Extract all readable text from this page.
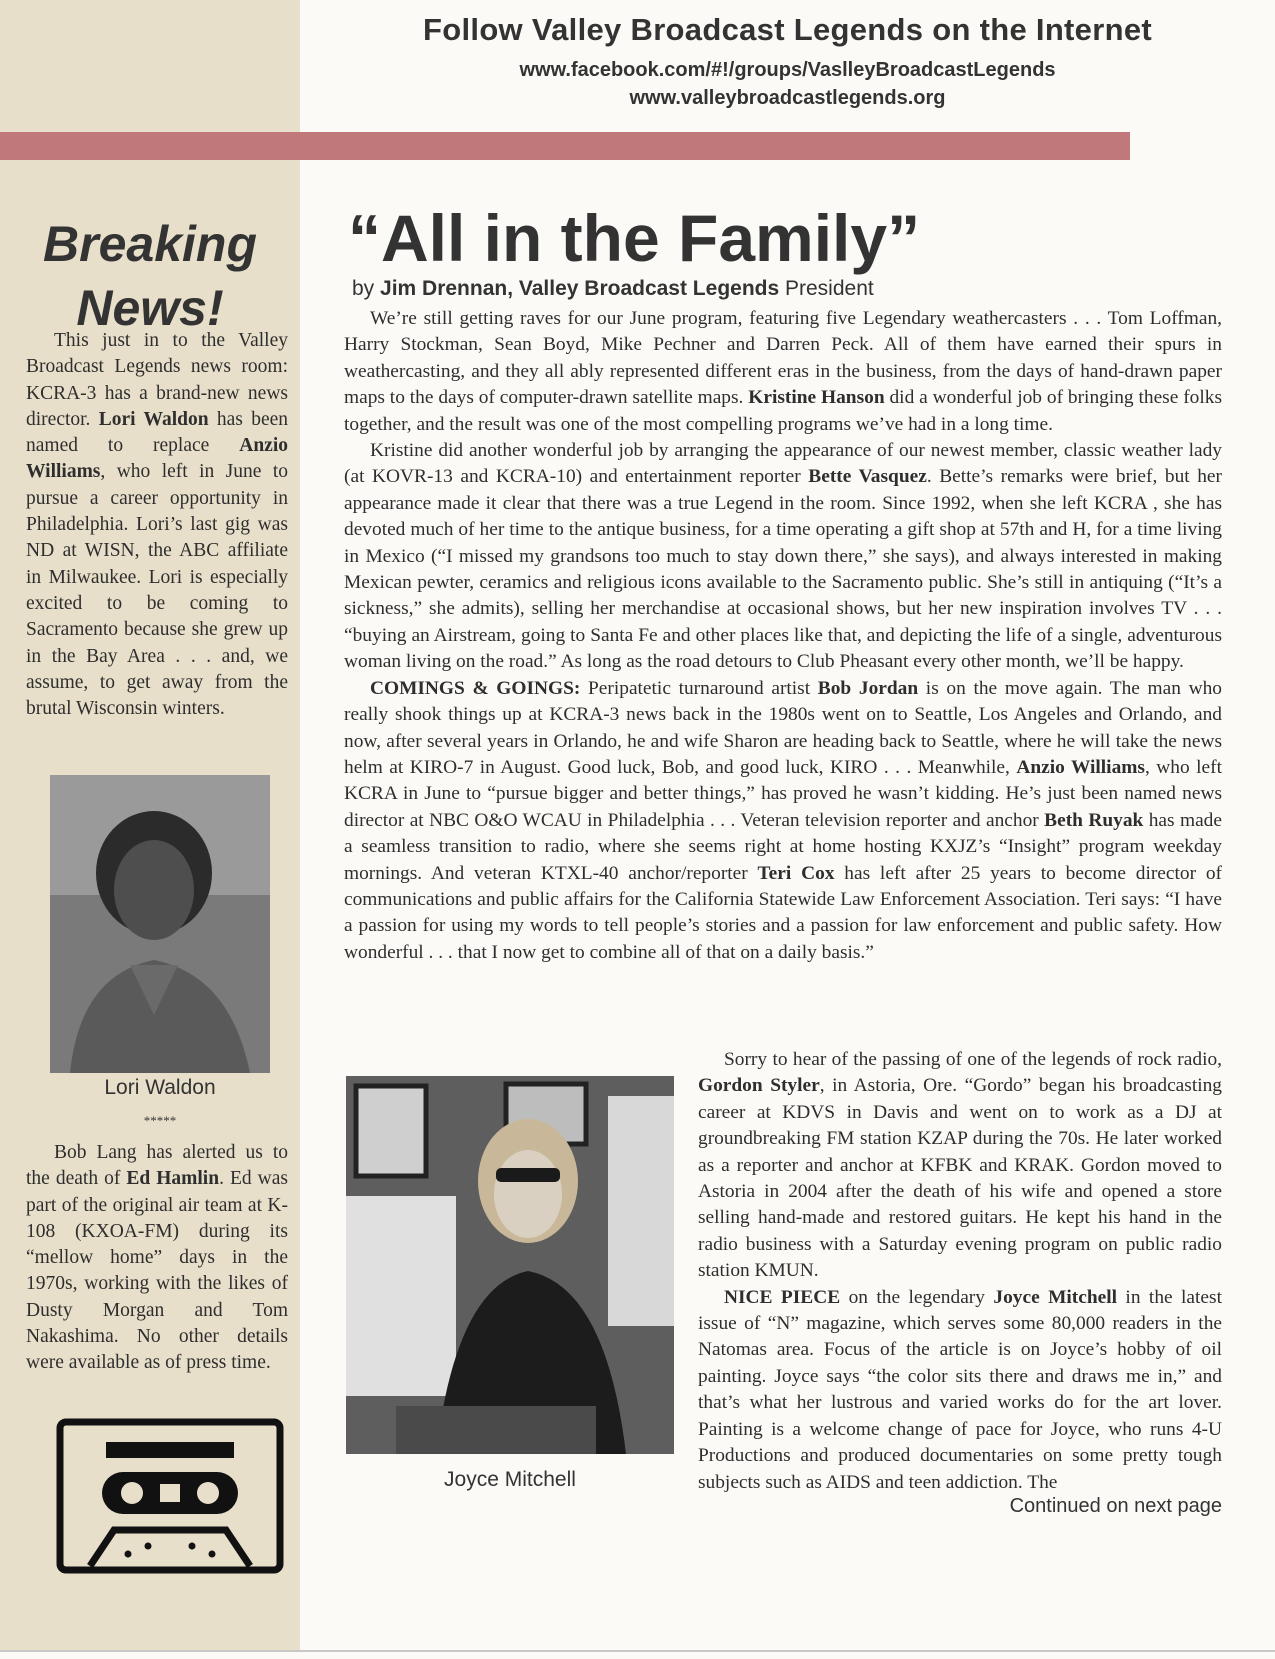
Follow Valley Broadcast Legends on the Internet
www.facebook.com/#!/groups/VaslleyBroadcastLegends
www.valleybroadcastlegends.org
Breaking
News!

This just in to the Valley Broadcast Legends news room: KCRA-3 has a brand-new news director. Lori Waldon has been named to replace Anzio Williams, who left in June to pursue a career opportunity in Philadelphia. Lori’s last gig was ND at WISN, the ABC affiliate in Milwaukee. Lori is especially excited to be coming to Sacramento because she grew up in the Bay Area . . . and, we assume, to get away from the brutal Wisconsin winters.

Lori Waldon
*****

Bob Lang has alerted us to the death of Ed Hamlin. Ed was part of the original air team at K-108 (KXOA-FM) during its “mellow home” days in the 1970s, working with the likes of Dusty Morgan and Tom Nakashima. No other details were available as of press time.

“All in the Family”
by Jim Drennan, Valley Broadcast Legends President

We’re still getting raves for our June program, featuring five Legendary weathercasters . . . Tom Loffman, Harry Stockman, Sean Boyd, Mike Pechner and Darren Peck. All of them have earned their spurs in weathercasting, and they all ably represented different eras in the business, from the days of hand-drawn paper maps to the days of computer-drawn satellite maps. Kristine Hanson did a wonderful job of bringing these folks together, and the result was one of the most compelling programs we’ve had in a long time.

Kristine did another wonderful job by arranging the appearance of our newest member, classic weather lady (at KOVR-13 and KCRA-10) and entertainment reporter Bette Vasquez. Bette’s remarks were brief, but her appearance made it clear that there was a true Legend in the room. Since 1992, when she left KCRA , she has devoted much of her time to the antique business, for a time operating a gift shop at 57th and H, for a time living in Mexico (“I missed my grandsons too much to stay down there,” she says), and always interested in making Mexican pewter, ceramics and religious icons available to the Sacramento public. She’s still in antiquing (“It’s a sickness,” she admits), selling her merchandise at occasional shows, but her new inspiration involves TV . . . “buying an Airstream, going to Santa Fe and other places like that, and depicting the life of a single, adventurous woman living on the road.” As long as the road detours to Club Pheasant every other month, we’ll be happy.

COMINGS & GOINGS: Peripatetic turnaround artist Bob Jordan is on the move again. The man who really shook things up at KCRA-3 news back in the 1980s went on to Seattle, Los Angeles and Orlando, and now, after several years in Orlando, he and wife Sharon are heading back to Seattle, where he will take the news helm at KIRO-7 in August. Good luck, Bob, and good luck, KIRO . . . Meanwhile, Anzio Williams, who left KCRA in June to “pursue bigger and better things,” has proved he wasn’t kidding. He’s just been named news director at NBC O&O WCAU in Philadelphia . . . Veteran television reporter and anchor Beth Ruyak has made a seamless transition to radio, where she seems right at home hosting KXJZ’s “Insight” program weekday mornings. And veteran KTXL-40 anchor/reporter Teri Cox has left after 25 years to become director of communications and public affairs for the California Statewide Law Enforcement Association. Teri says: “I have a passion for using my words to tell people’s stories and a passion for law enforcement and public safety. How wonderful . . . that I now get to combine all of that on a daily basis.”

Joyce Mitchell

Sorry to hear of the passing of one of the legends of rock radio, Gordon Styler, in Astoria, Ore. “Gordo” began his broadcasting career at KDVS in Davis and went on to work as a DJ at groundbreaking FM station KZAP during the 70s. He later worked as a reporter and anchor at KFBK and KRAK. Gordon moved to Astoria in 2004 after the death of his wife and opened a store selling hand-made and restored guitars. He kept his hand in the radio business with a Saturday evening program on public radio station KMUN.

NICE PIECE on the legendary Joyce Mitchell in the latest issue of “N” magazine, which serves some 80,000 readers in the Natomas area. Focus of the article is on Joyce’s hobby of oil painting. Joyce says “the color sits there and draws me in,” and that’s what her lustrous and varied works do for the art lover. Painting is a welcome change of pace for Joyce, who runs 4-U Productions and produced documentaries on some pretty tough subjects such as AIDS and teen addiction. The

Continued on next page
